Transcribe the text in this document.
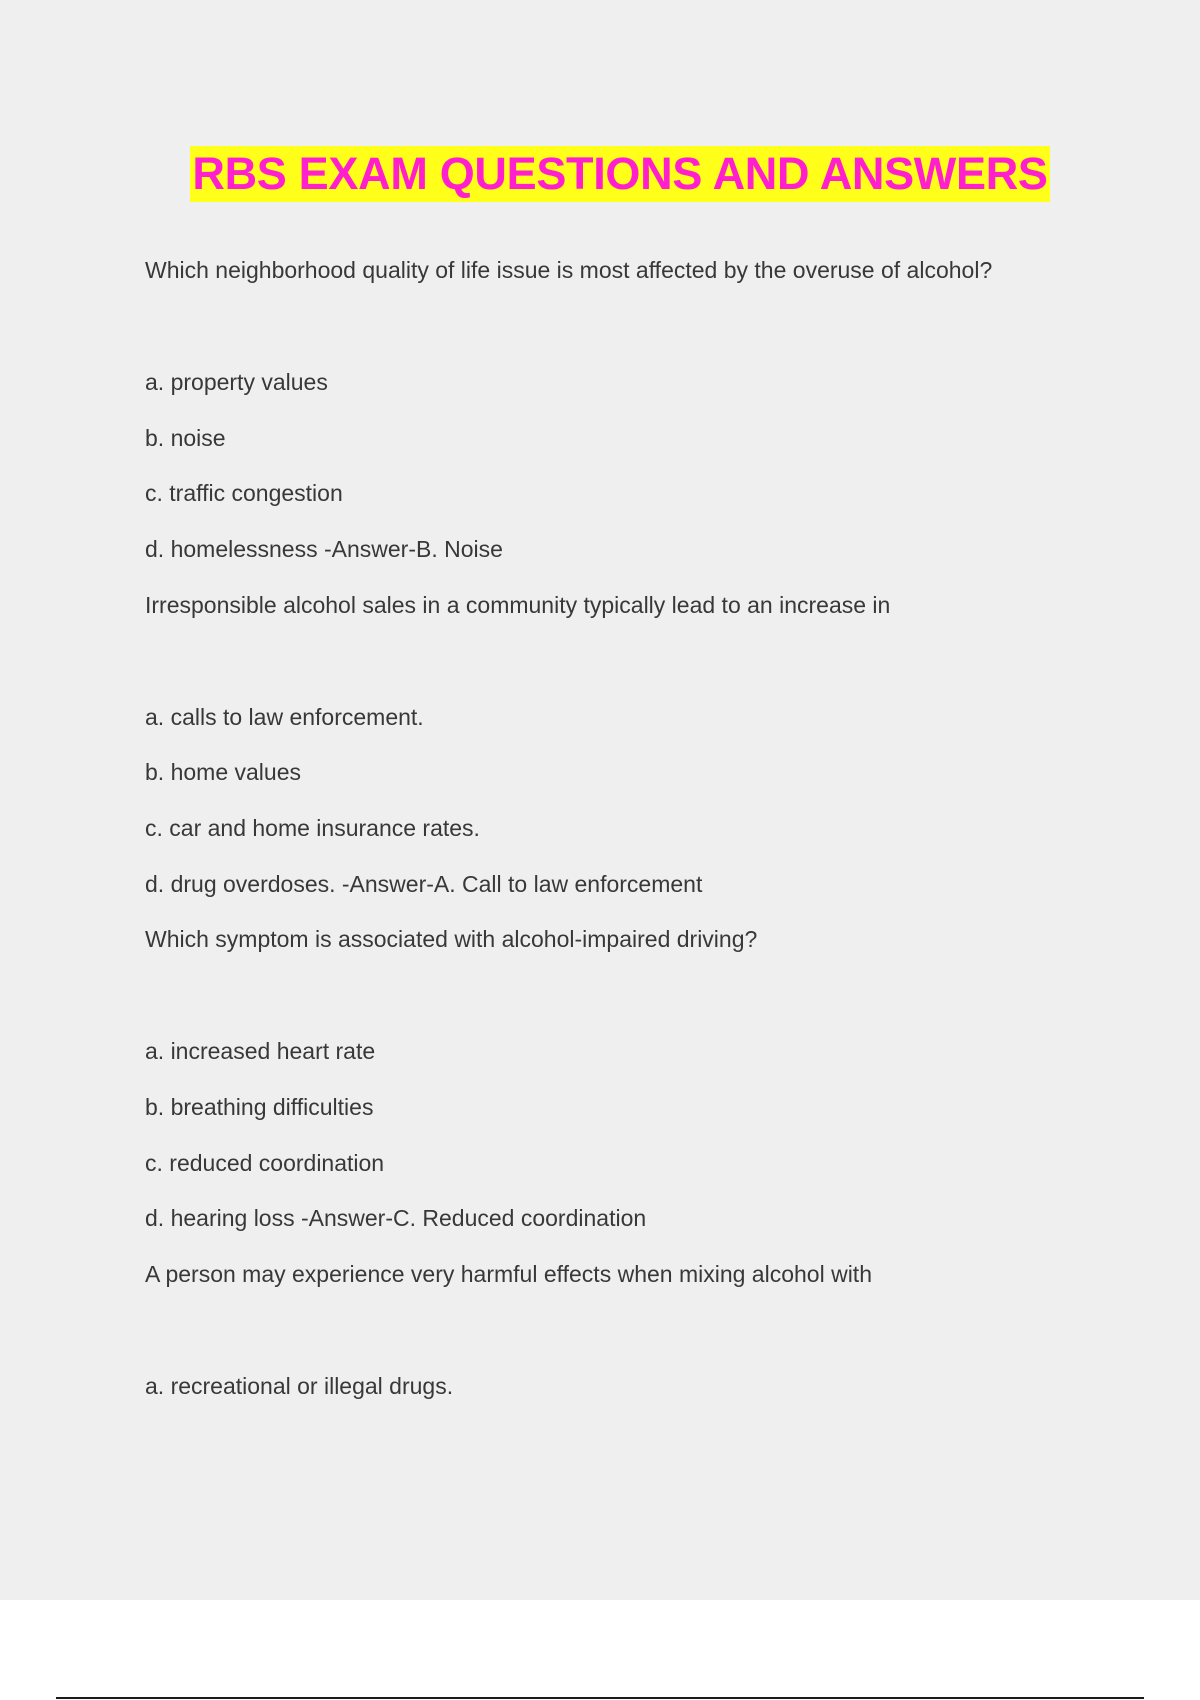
RBS EXAM QUESTIONS AND ANSWERS
Which neighborhood quality of life issue is most affected by the overuse of alcohol?
a. property values
b. noise
c. traffic congestion
d. homelessness -Answer-B. Noise
Irresponsible alcohol sales in a community typically lead to an increase in
a. calls to law enforcement.
b. home values
c. car and home insurance rates.
d. drug overdoses. -Answer-A. Call to law enforcement
Which symptom is associated with alcohol-impaired driving?
a. increased heart rate
b. breathing difficulties
c. reduced coordination
d. hearing loss -Answer-C. Reduced coordination
A person may experience very harmful effects when mixing alcohol with
a. recreational or illegal drugs.
